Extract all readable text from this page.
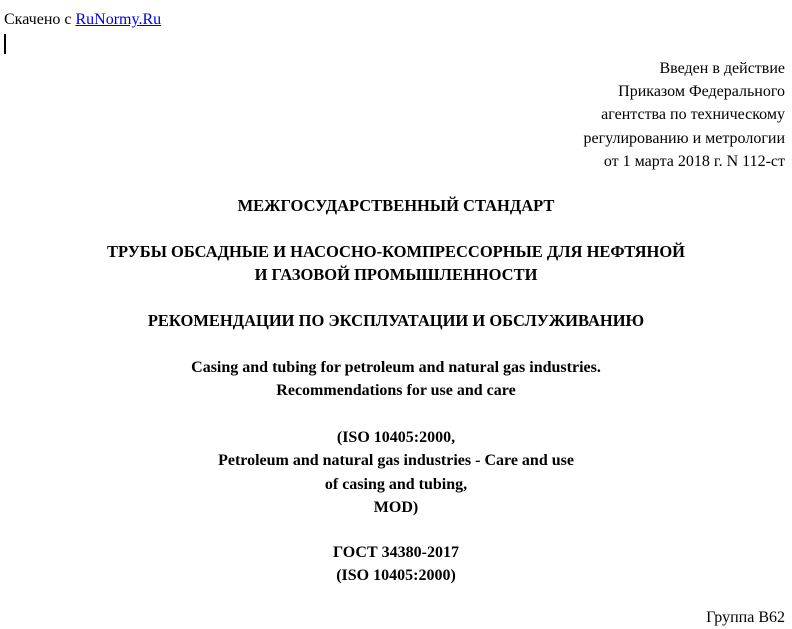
Скачено с RuNormy.Ru
Введен в действие
Приказом Федерального
агентства по техническому
регулированию и метрологии
от 1 марта 2018 г. N 112-ст
МЕЖГОСУДАРСТВЕННЫЙ СТАНДАРТ
ТРУБЫ ОБСАДНЫЕ И НАСОСНО-КОМПРЕССОРНЫЕ ДЛЯ НЕФТЯНОЙ
И ГАЗОВОЙ ПРОМЫШЛЕННОСТИ
РЕКОМЕНДАЦИИ ПО ЭКСПЛУАТАЦИИ И ОБСЛУЖИВАНИЮ
Casing and tubing for petroleum and natural gas industries.
Recommendations for use and care
(ISO 10405:2000,
Petroleum and natural gas industries - Care and use
of casing and tubing,
MOD)
ГОСТ 34380-2017
(ISO 10405:2000)
Группа В62
